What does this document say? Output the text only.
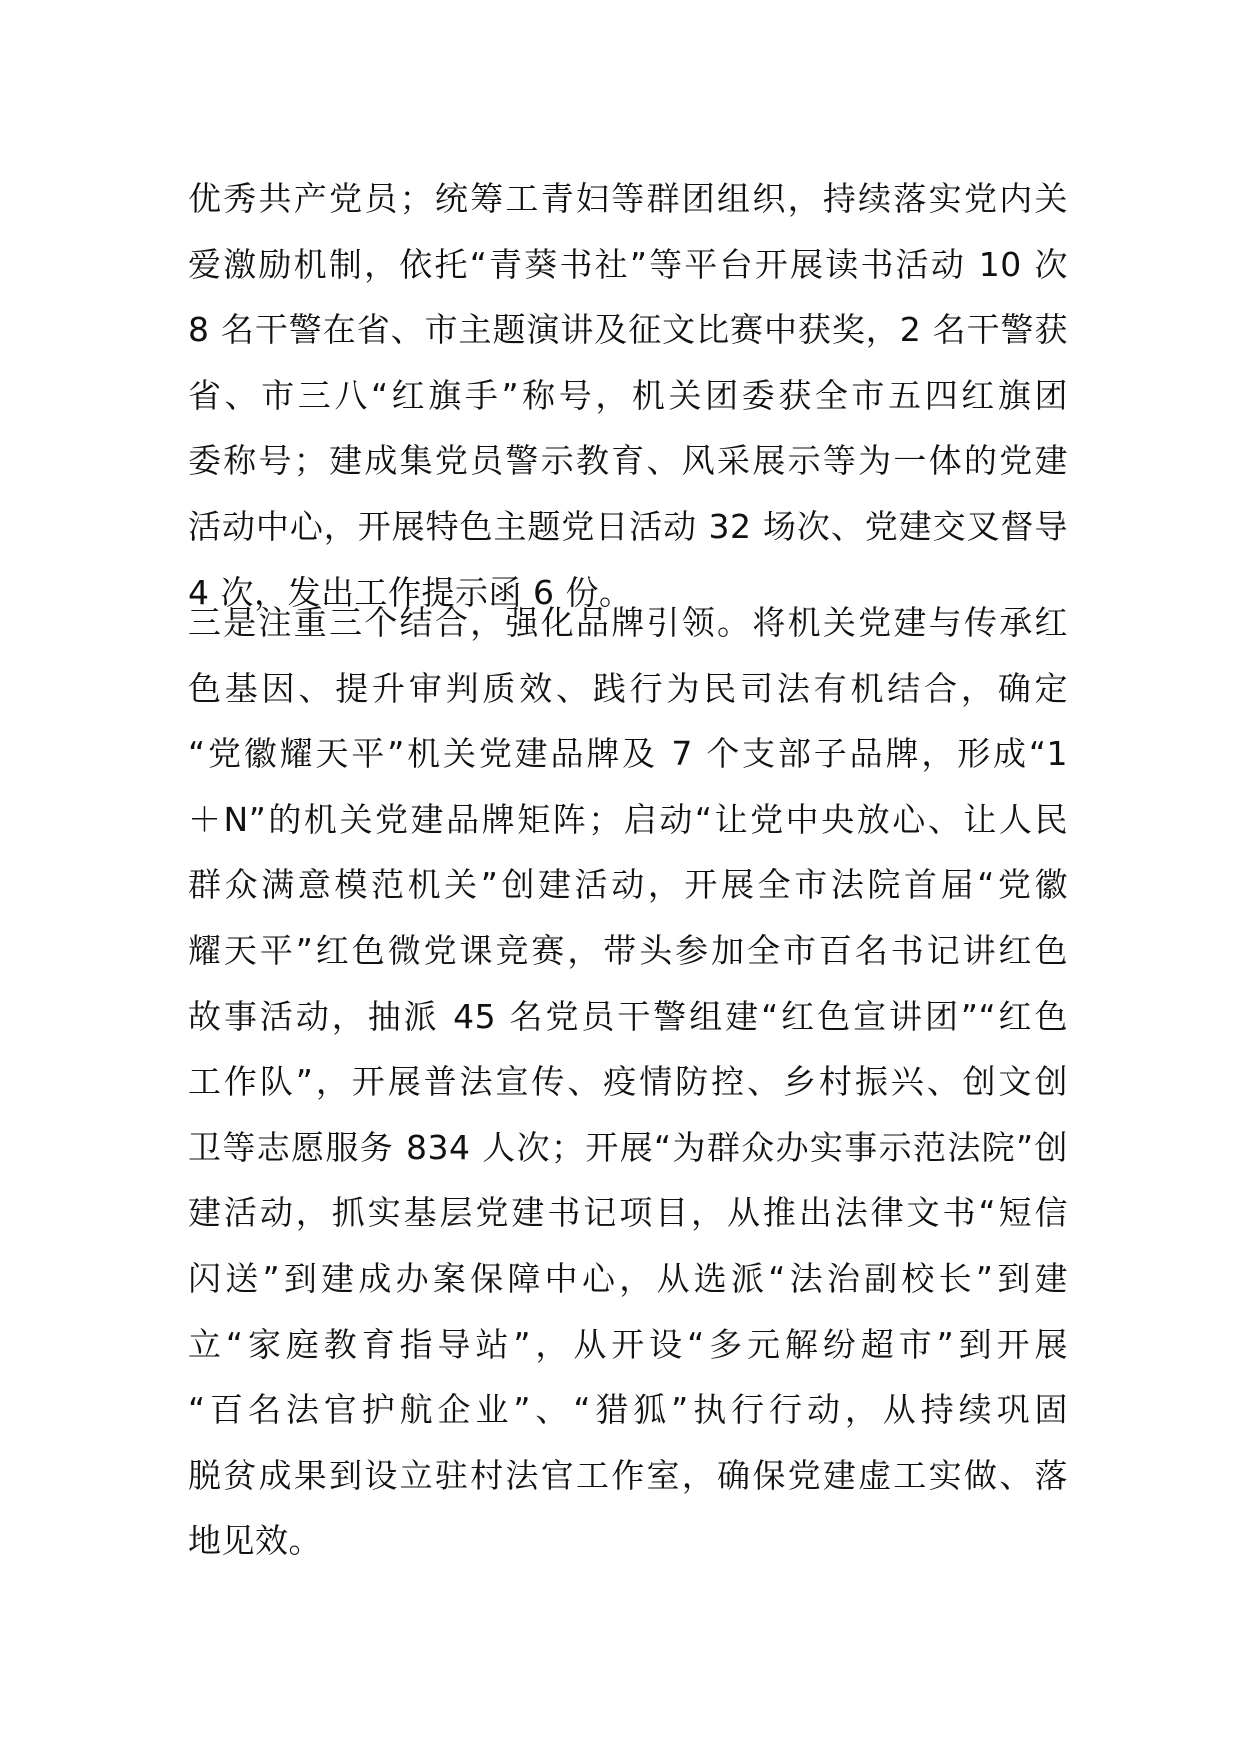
优秀共产党员；统筹工青妇等群团组织，持续落实党内关
爱激励机制，依托“青葵书社”等平台开展读书活动 10 次
8 名干警在省、市主题演讲及征文比赛中获奖，2 名干警获
省、市三八“红旗手”称号，机关团委获全市五四红旗团
委称号；建成集党员警示教育、风采展示等为一体的党建
活动中心，开展特色主题党日活动 32 场次、党建交叉督导
4 次，发出工作提示函 6 份。
三是注重三个结合，强化品牌引领。将机关党建与传承红
色基因、提升审判质效、践行为民司法有机结合，确定
“党徽耀天平”机关党建品牌及 7 个支部子品牌，形成“1
＋N”的机关党建品牌矩阵；启动“让党中央放心、让人民
群众满意模范机关”创建活动，开展全市法院首届“党徽
耀天平”红色微党课竞赛，带头参加全市百名书记讲红色
故事活动，抽派 45 名党员干警组建“红色宣讲团”“红色
工作队”，开展普法宣传、疫情防控、乡村振兴、创文创
卫等志愿服务 834 人次；开展“为群众办实事示范法院”创
建活动，抓实基层党建书记项目，从推出法律文书“短信
闪送”到建成办案保障中心，从选派“法治副校长”到建
立“家庭教育指导站”，从开设“多元解纷超市”到开展
“百名法官护航企业”、“猎狐”执行行动，从持续巩固
脱贫成果到设立驻村法官工作室，确保党建虚工实做、落
地见效。
